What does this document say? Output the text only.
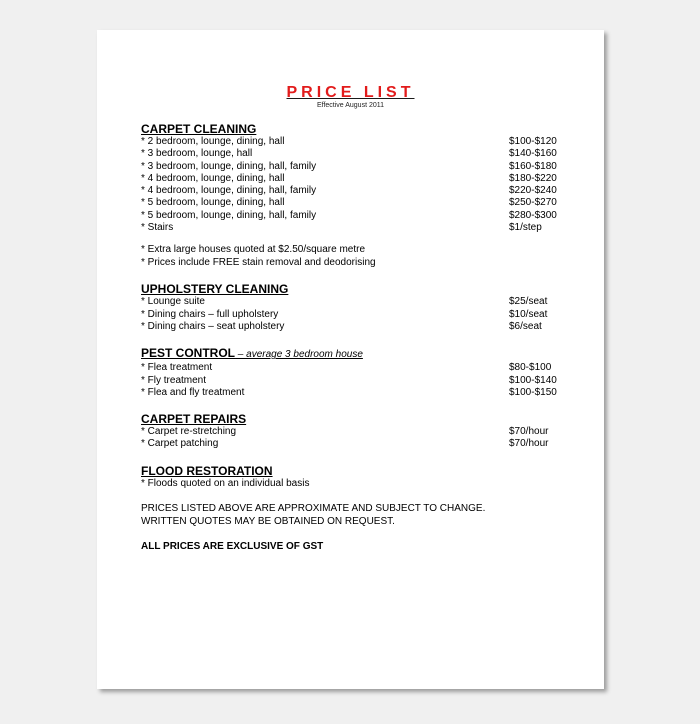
PRICE LIST
Effective August 2011
CARPET CLEANING
* 2 bedroom, lounge, dining, hall	$100-$120
* 3 bedroom, lounge, hall	$140-$160
* 3 bedroom, lounge, dining, hall, family	$160-$180
* 4 bedroom, lounge, dining, hall	$180-$220
* 4 bedroom, lounge, dining, hall, family	$220-$240
* 5 bedroom, lounge, dining, hall	$250-$270
* 5 bedroom, lounge, dining, hall, family	$280-$300
* Stairs	$1/step
* Extra large houses quoted at $2.50/square metre
* Prices include FREE stain removal and deodorising
UPHOLSTERY CLEANING
* Lounge suite	$25/seat
* Dining chairs – full upholstery	$10/seat
* Dining chairs – seat upholstery	$6/seat
PEST CONTROL – average 3 bedroom house
* Flea treatment	$80-$100
* Fly treatment	$100-$140
* Flea and fly treatment	$100-$150
CARPET REPAIRS
* Carpet re-stretching	$70/hour
* Carpet patching	$70/hour
FLOOD RESTORATION
* Floods quoted on an individual basis
PRICES LISTED ABOVE ARE APPROXIMATE AND SUBJECT TO CHANGE.
WRITTEN QUOTES MAY BE OBTAINED ON REQUEST.
ALL PRICES ARE EXCLUSIVE OF GST
